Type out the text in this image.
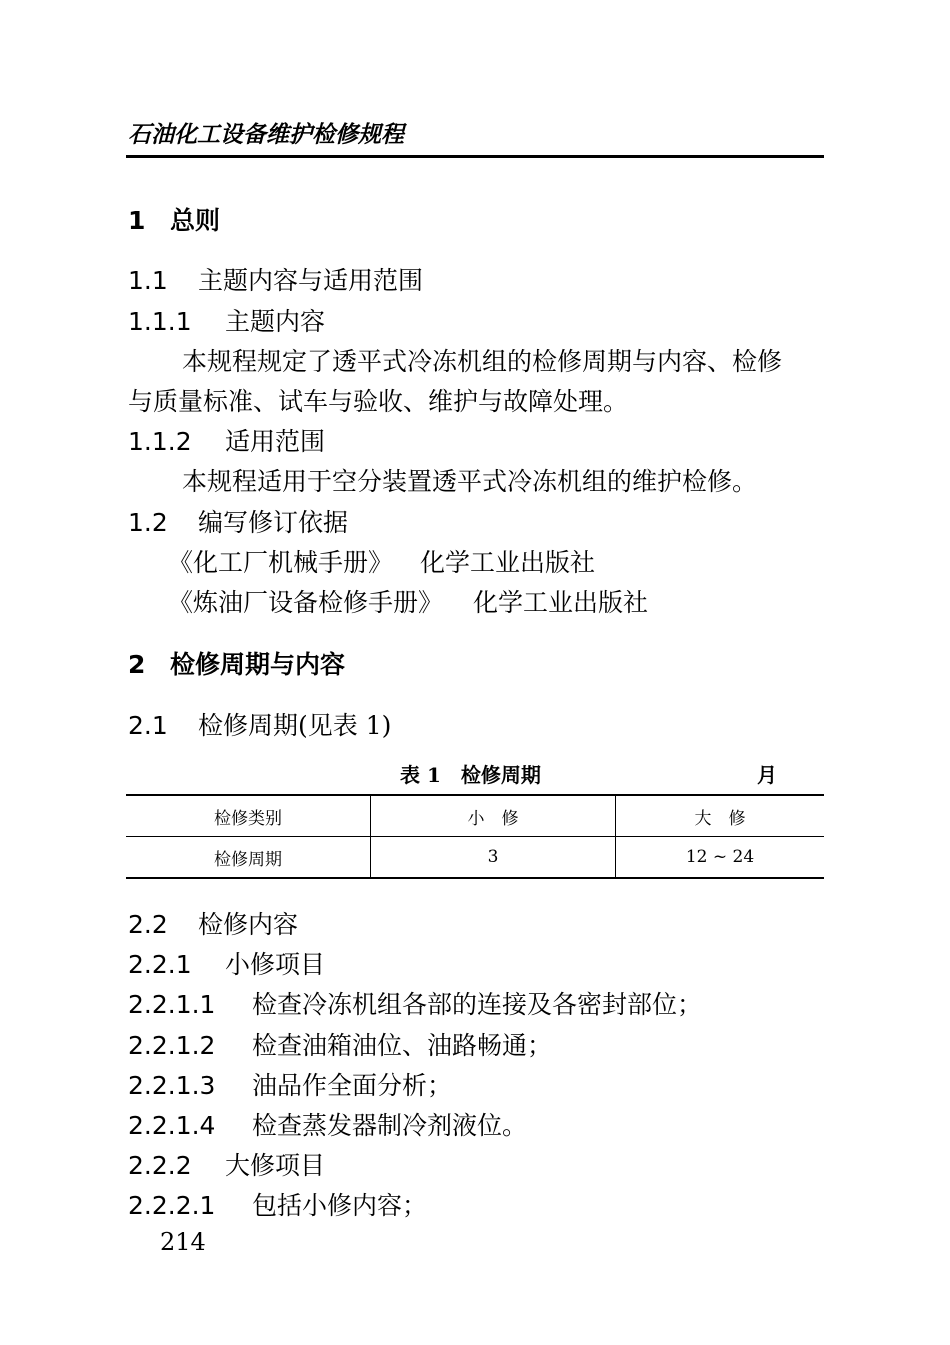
石油化工设备维护检修规程
1 总则
1.1 主题内容与适用范围
1.1.1 主题内容
本规程规定了透平式冷冻机组的检修周期与内容、检修
与质量标准、试车与验收、维护与故障处理。
1.1.2 适用范围
本规程适用于空分装置透平式冷冻机组的维护检修。
1.2 编写修订依据
《化工厂机械手册》 化学工业出版社
《炼油厂设备检修手册》 化学工业出版社
2 检修周期与内容
2.1 检修周期(见表 1)
表 1　检修周期	月
检修类别	小　修	大　修
检修周期	3	12 ~ 24
2.2 检修内容
2.2.1 小修项目
2.2.1.1 检查冷冻机组各部的连接及各密封部位；
2.2.1.2 检查油箱油位、油路畅通；
2.2.1.3 油品作全面分析；
2.2.1.4 检查蒸发器制冷剂液位。
2.2.2 大修项目
2.2.2.1 包括小修内容；
214
